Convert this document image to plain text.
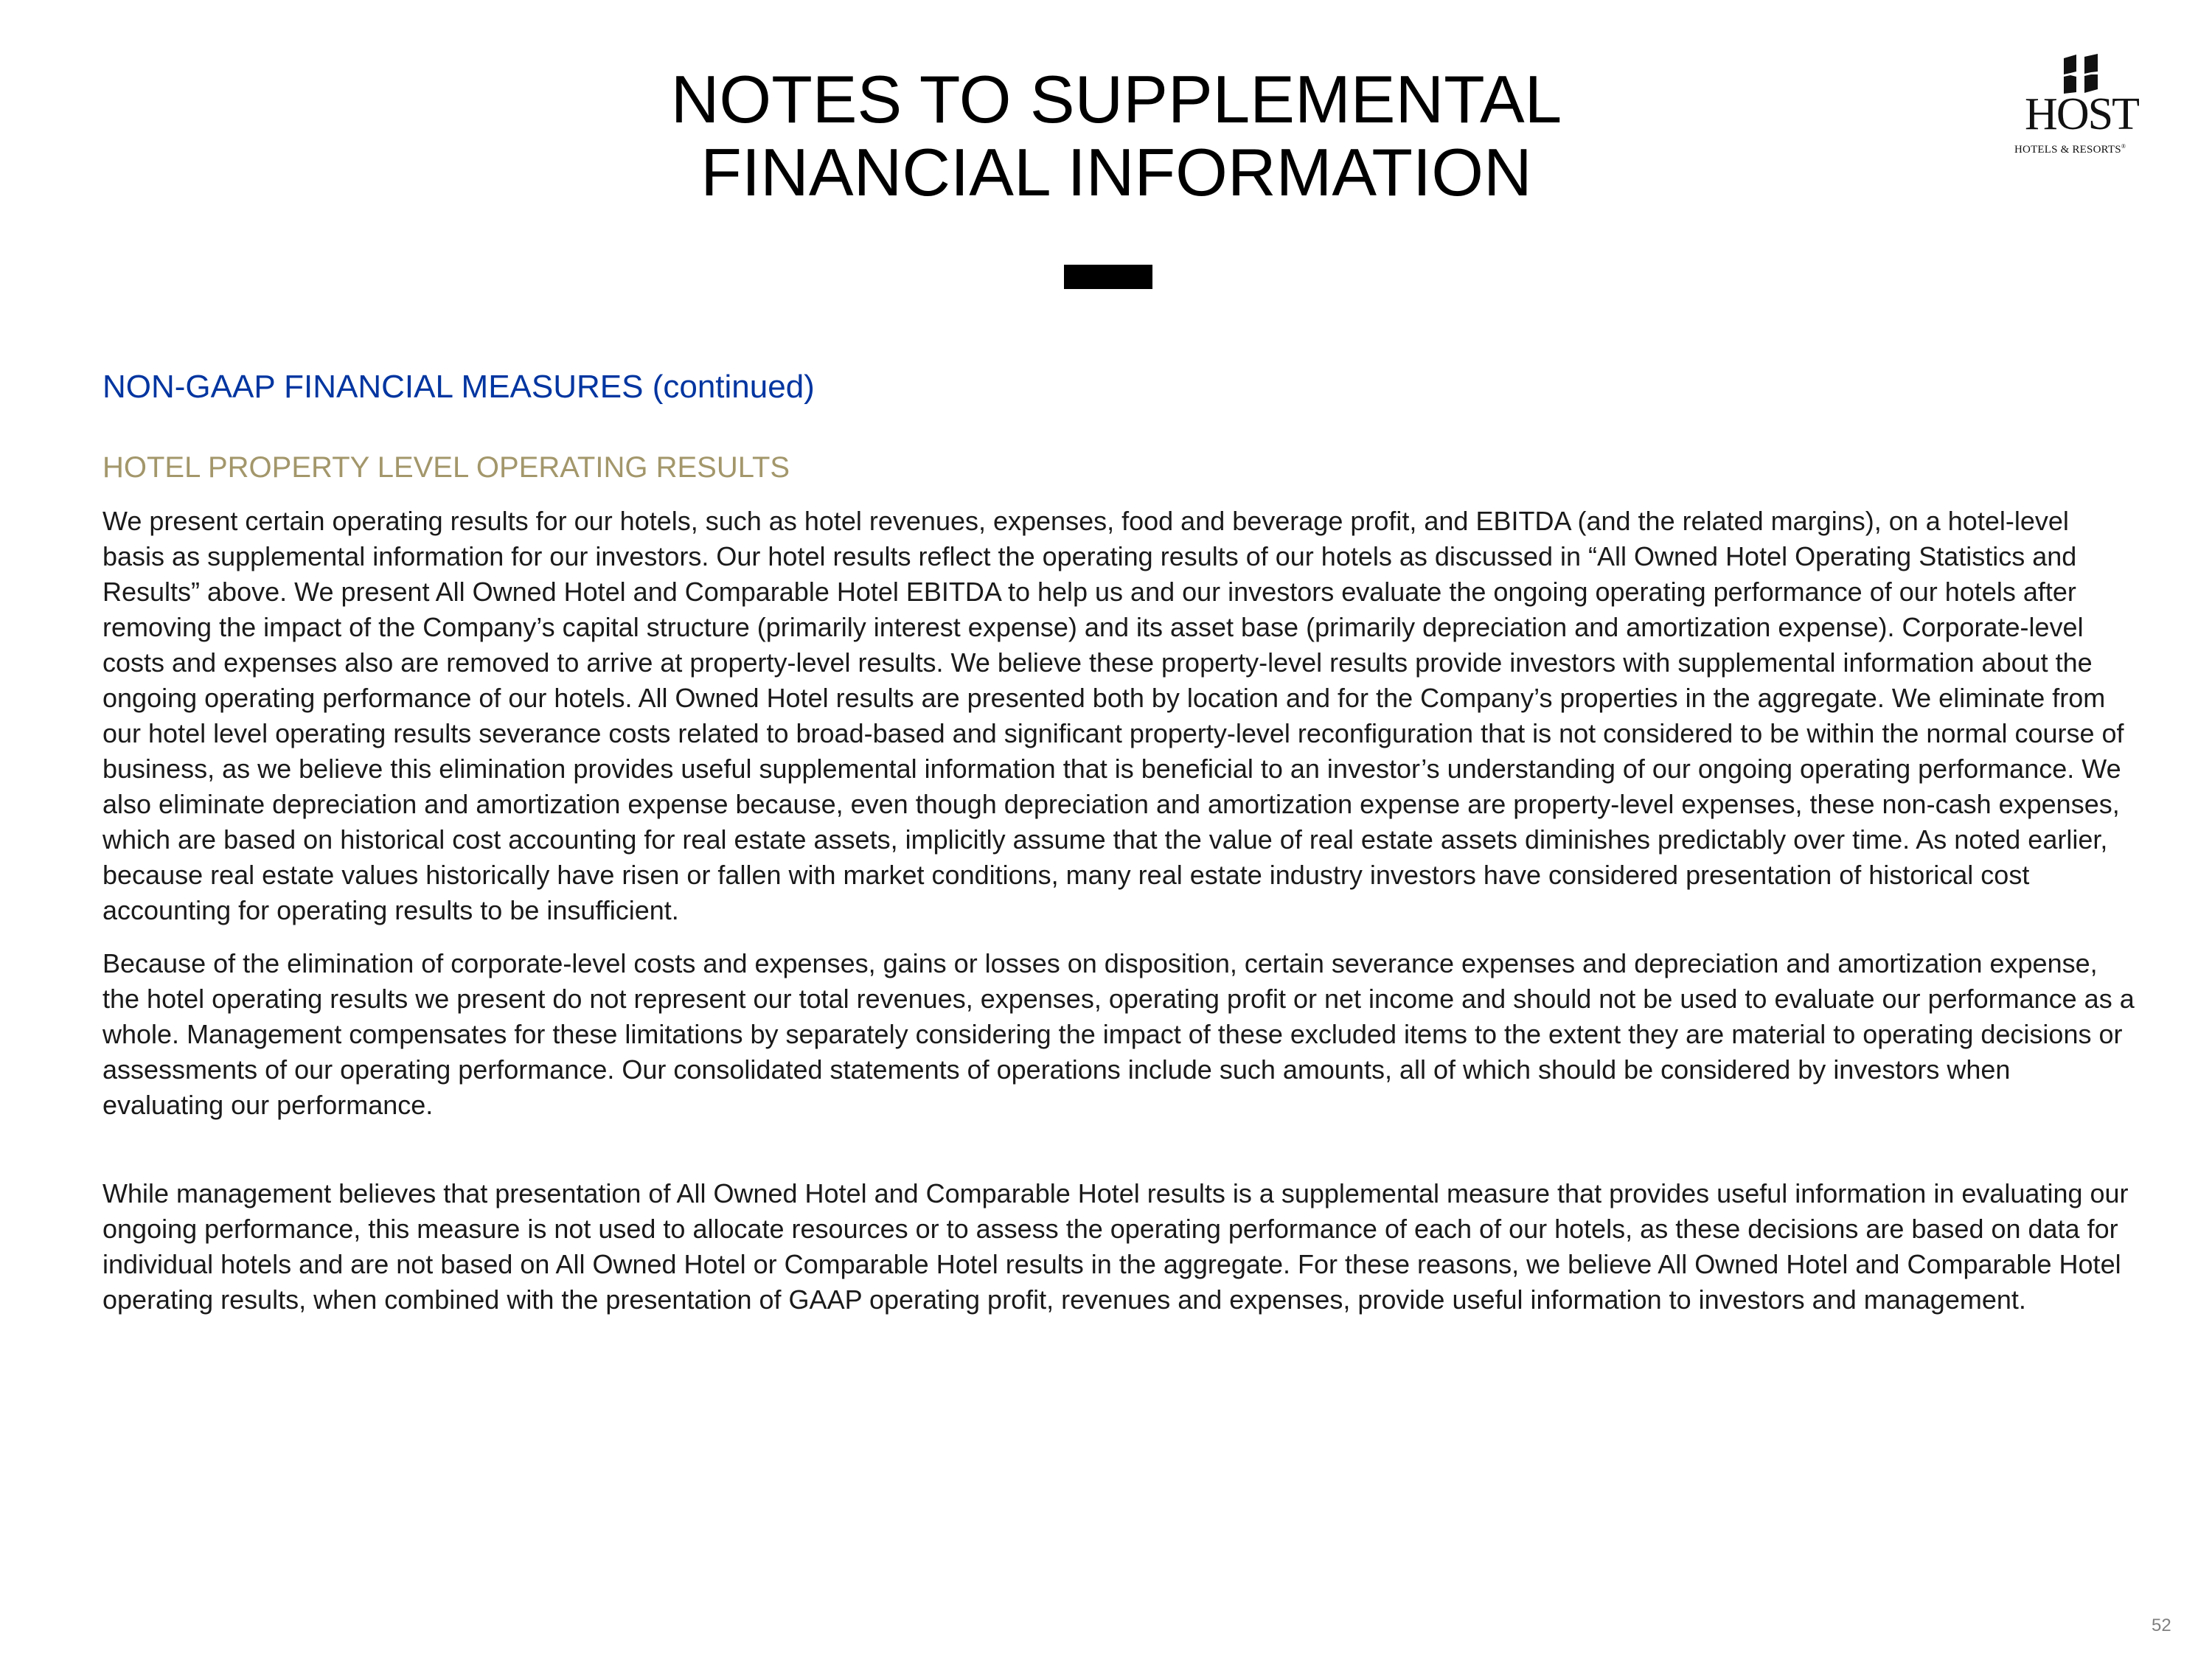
NOTES TO SUPPLEMENTAL
FINANCIAL INFORMATION
HOST
HOTELS & RESORTS®
NON-GAAP FINANCIAL MEASURES (continued)
HOTEL PROPERTY LEVEL OPERATING RESULTS

We present certain operating results for our hotels, such as hotel revenues, expenses, food and beverage profit, and EBITDA (and the related margins), on a hotel-level basis as supplemental information for our investors. Our hotel results reflect the operating results of our hotels as discussed in “All Owned Hotel Operating Statistics and Results” above. We present All Owned Hotel and Comparable Hotel EBITDA to help us and our investors evaluate the ongoing operating performance of our hotels after removing the impact of the Company’s capital structure (primarily interest expense) and its asset base (primarily depreciation and amortization expense). Corporate-level costs and expenses also are removed to arrive at property-level results. We believe these property-level results provide investors with supplemental information about the ongoing operating performance of our hotels. All Owned Hotel results are presented both by location and for the Company’s properties in the aggregate. We eliminate from our hotel level operating results severance costs related to broad-based and significant property-level reconfiguration that is not considered to be within the normal course of business, as we believe this elimination provides useful supplemental information that is beneficial to an investor’s understanding of our ongoing operating performance. We also eliminate depreciation and amortization expense because, even though depreciation and amortization expense are property-level expenses, these non-cash expenses, which are based on historical cost accounting for real estate assets, implicitly assume that the value of real estate assets diminishes predictably over time. As noted earlier, because real estate values historically have risen or fallen with market conditions, many real estate industry investors have considered presentation of historical cost accounting for operating results to be insufficient.

Because of the elimination of corporate-level costs and expenses, gains or losses on disposition, certain severance expenses and depreciation and amortization expense, the hotel operating results we present do not represent our total revenues, expenses, operating profit or net income and should not be used to evaluate our performance as a whole. Management compensates for these limitations by separately considering the impact of these excluded items to the extent they are material to operating decisions or assessments of our operating performance. Our consolidated statements of operations include such amounts, all of which should be considered by investors when evaluating our performance.

While management believes that presentation of All Owned Hotel and Comparable Hotel results is a supplemental measure that provides useful information in evaluating our ongoing performance, this measure is not used to allocate resources or to assess the operating performance of each of our hotels, as these decisions are based on data for individual hotels and are not based on All Owned Hotel or Comparable Hotel results in the aggregate. For these reasons, we believe All Owned Hotel and Comparable Hotel operating results, when combined with the presentation of GAAP operating profit, revenues and expenses, provide useful information to investors and management.

52
